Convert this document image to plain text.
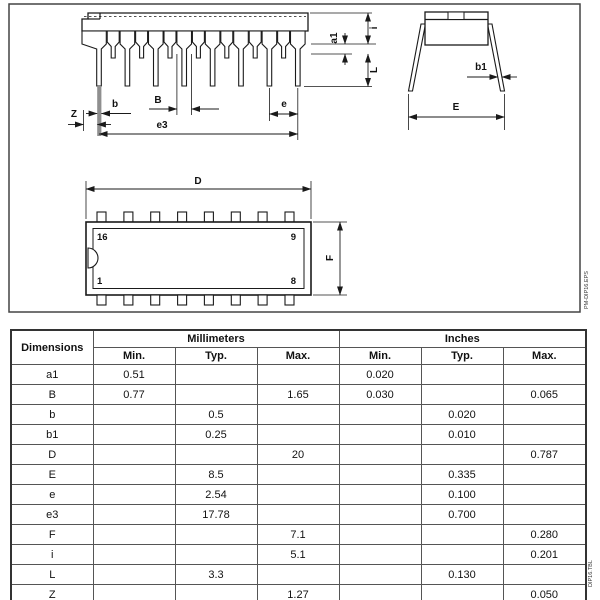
Z
b	B	e
e3
a1
i
L	b1
E
D
16	9
1	8
F
PM-DIP16.EPS
DIP16.TBL
Dimensions	Millimeters			Inches		
	Min.	Typ.	Max.	Min.	Typ.	Max.
a1	0.51			0.020		
B	0.77		1.65	0.030		0.065
b		0.5			0.020	
b1		0.25			0.010	
D			20			0.787
E		8.5			0.335	
e		2.54			0.100	
e3		17.78			0.700	
F			7.1			0.280
i			5.1			0.201
L		3.3			0.130	
Z			1.27			0.050
